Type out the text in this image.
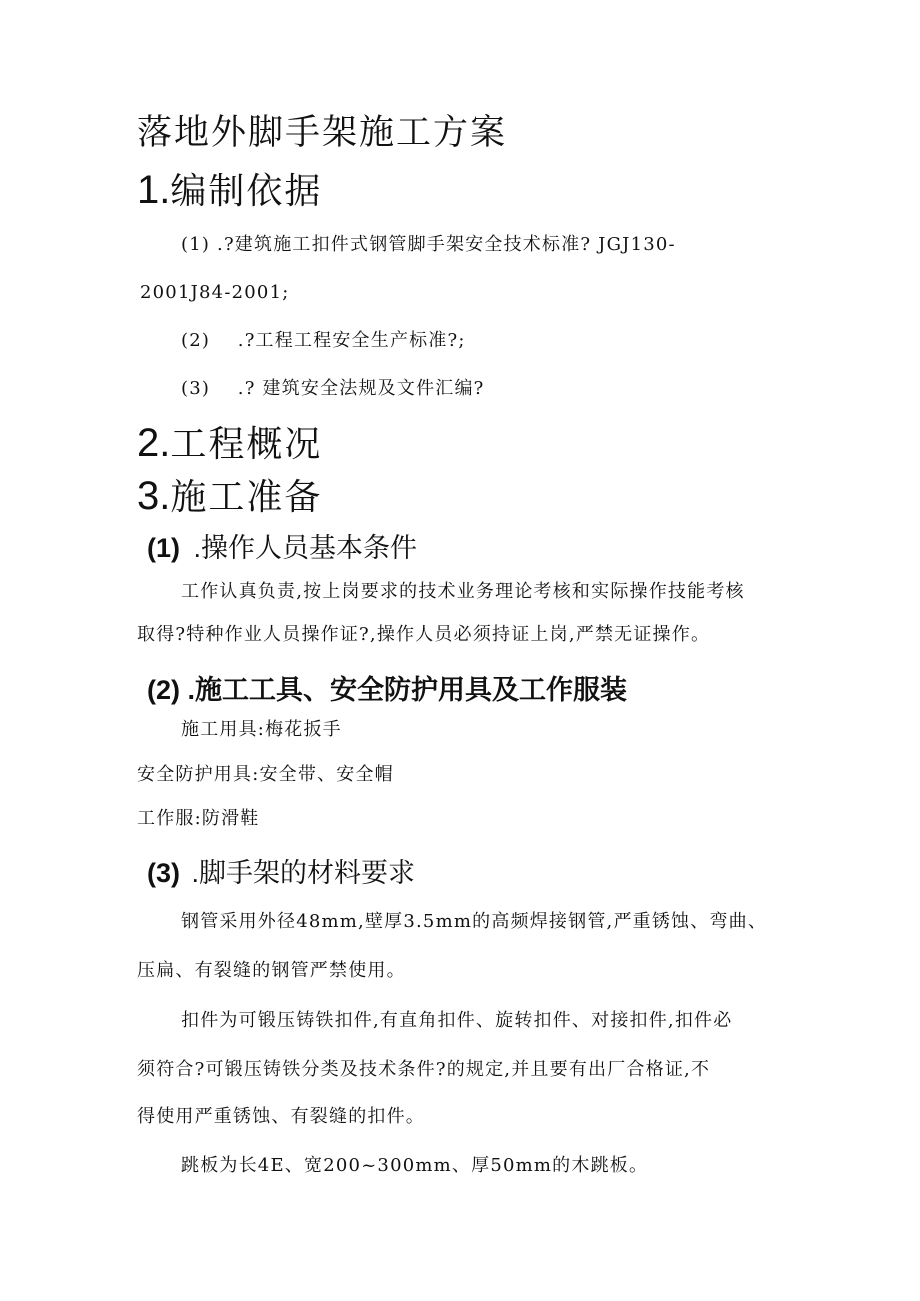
落地外脚手架施工方案
1.编制依据
(1) .?建筑施工扣件式钢管脚手架安全技术标准? JGJ130-
2001J84-2001;
(2)    .?工程工程安全生产标准?;
(3)    .? 建筑安全法规及文件汇编?
2.工程概况
3.施工准备
(1) .操作人员基本条件
工作认真负责,按上岗要求的技术业务理论考核和实际操作技能考核
取得?特种作业人员操作证?,操作人员必须持证上岗,严禁无证操作。
(2) .施工工具、安全防护用具及工作服装
施工用具:梅花扳手
安全防护用具:安全带、安全帽
工作服:防滑鞋
(3) .脚手架的材料要求
钢管采用外径48mm,壁厚3.5mm的高频焊接钢管,严重锈蚀、弯曲、
压扁、有裂缝的钢管严禁使用。
扣件为可锻压铸铁扣件,有直角扣件、旋转扣件、对接扣件,扣件必
须符合?可锻压铸铁分类及技术条件?的规定,并且要有出厂合格证,不
得使用严重锈蚀、有裂缝的扣件。
跳板为长4E、宽200~300mm、厚50mm的木跳板。
